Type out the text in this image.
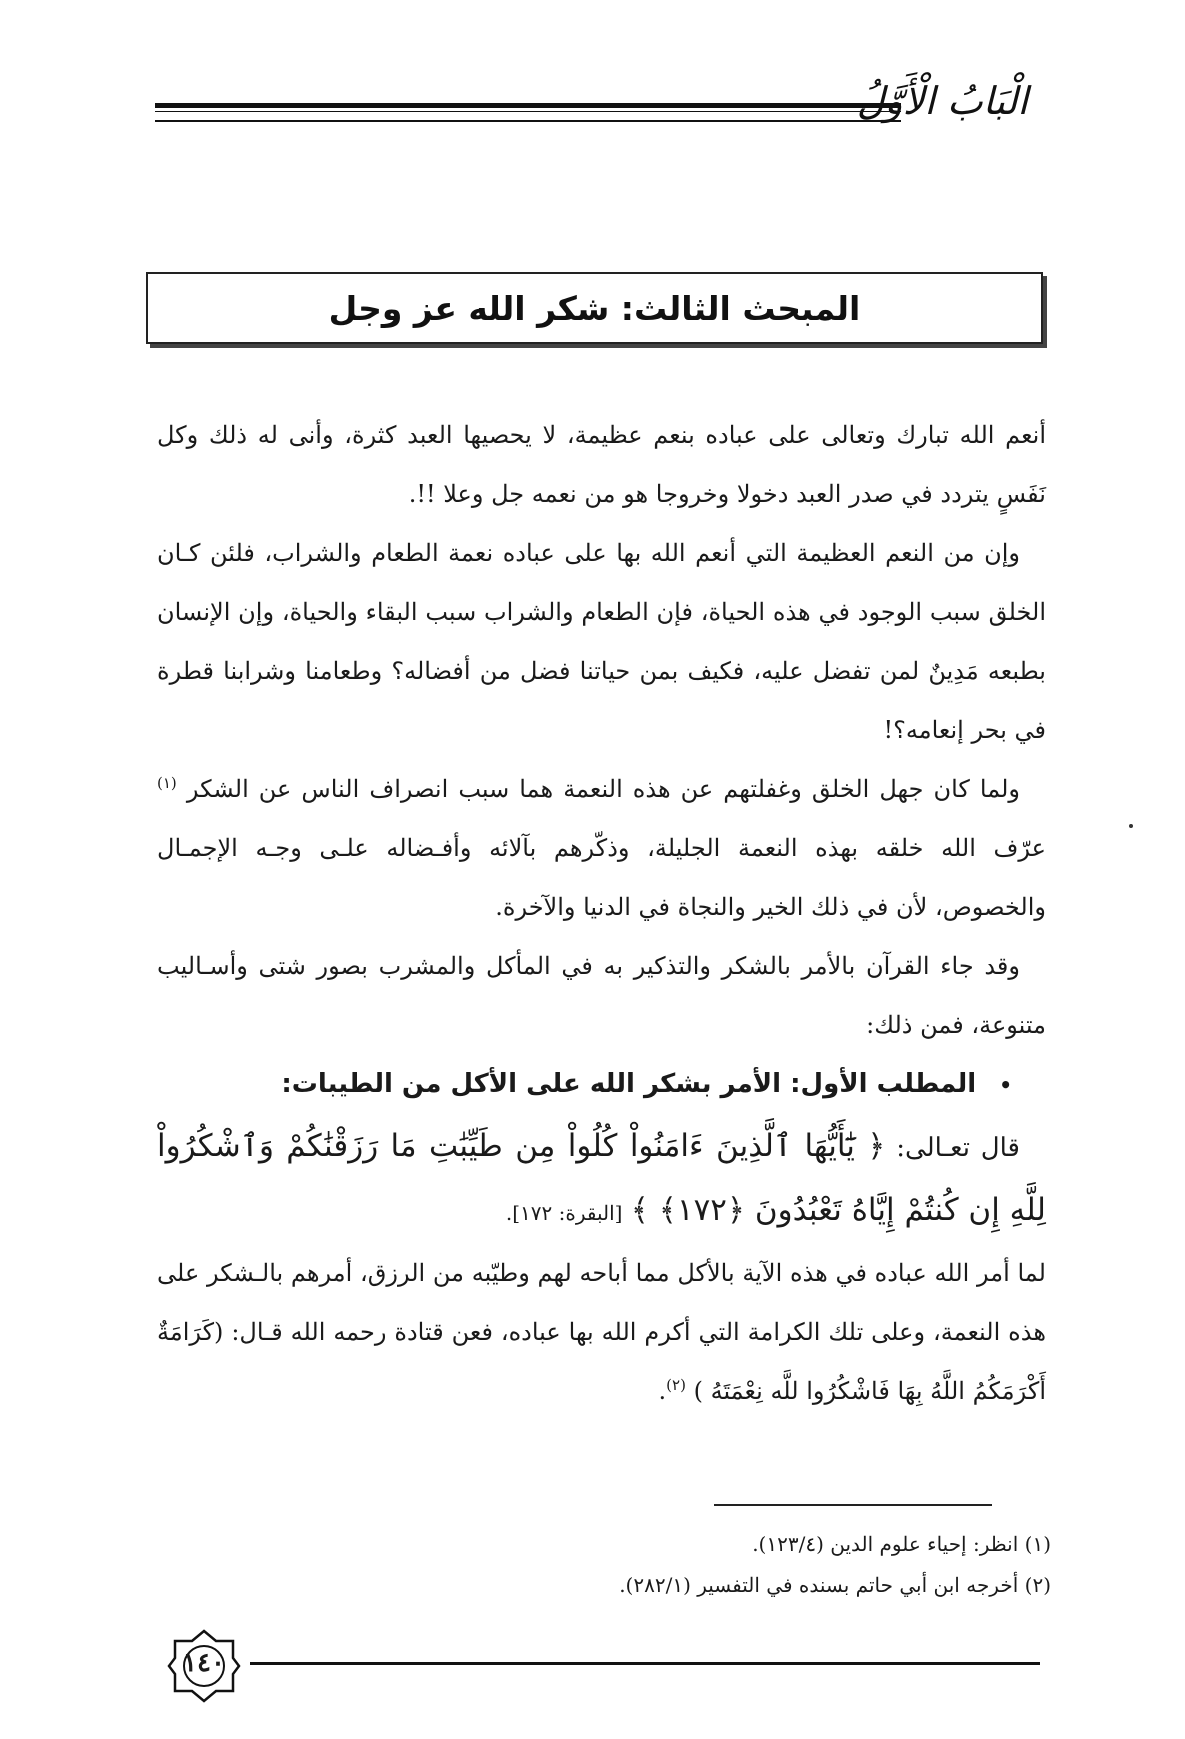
الْبَابُ الْأَوَّلُ
المبحث الثالث: شكر الله عز وجل

أنعم الله تبارك وتعالى على عباده بنعم عظيمة، لا يحصيها العبد كثرة، وأنى له ذلك وكل نَفَسٍ يتردد في صدر العبد دخولا وخروجا هو من نعمه جل وعلا !!.

وإن من النعم العظيمة التي أنعم الله بها على عباده نعمة الطعام والشراب، فلئن كـان الخلق سبب الوجود في هذه الحياة، فإن الطعام والشراب سبب البقاء والحياة، وإن الإنسان بطبعه مَدِينٌ لمن تفضل عليه، فكيف بمن حياتنا فضل من أفضاله؟ وطعامنا وشرابنا قطرة في بحر إنعامه؟!

ولما كان جهل الخلق وغفلتهم عن هذه النعمة هما سبب انصراف الناس عن الشكر $^{(١)}$ عرّف الله خلقه بهذه النعمة الجليلة، وذكّرهم بآلائه وأفـضاله علـى وجـه الإجمـال والخصوص، لأن في ذلك الخير والنجاة في الدنيا والآخرة.

وقد جاء القرآن بالأمر بالشكر والتذكير به في المأكل والمشرب بصور شتى وأسـاليب متنوعة، فمن ذلك:

• المطلب الأول: الأمر بشكر الله على الأكل من الطيبات:

قال تعـالى: ﴿ يَٰٓأَيُّهَا ٱلَّذِينَ ءَامَنُواْ كُلُواْ مِن طَيِّبَٰتِ مَا رَزَقْنَٰكُمْ وَٱشْكُرُواْ لِلَّهِ إِن كُنتُمْ إِيَّاهُ تَعْبُدُونَ ﴿١٧٢﴾ ﴾ [البقرة: ١٧٢].

لما أمر الله عباده في هذه الآية بالأكل مما أباحه لهم وطيّبه من الرزق، أمرهم بالـشكر على هذه النعمة، وعلى تلك الكرامة التي أكرم الله بها عباده، فعن قتادة رحمه الله قـال: (كَرَامَةٌ أَكْرَمَكُمُ اللَّهُ بِهَا فَاشْكُرُوا للَّه نِعْمَتَهُ ) $^{(٢)}$.

(١) انظر: إحياء علوم الدين (١٢٣/٤).

(٢) أخرجه ابن أبي حاتم بسنده في التفسير (٢٨٢/١).

١٤٠
